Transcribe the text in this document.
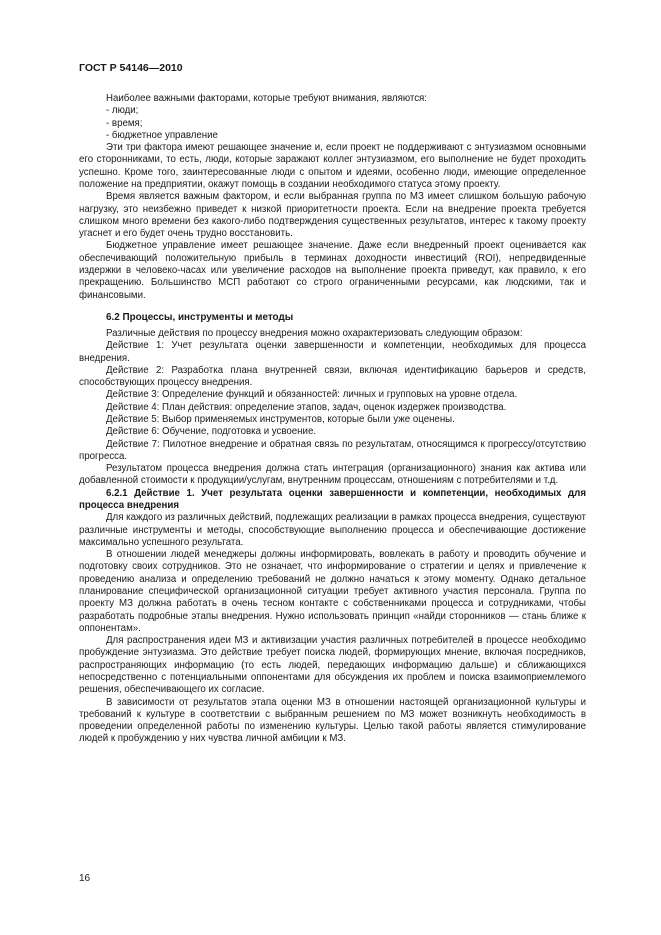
ГОСТ Р 54146—2010

Наиболее важными факторами, которые требуют внимания, являются:

- люди;

- время;

- бюджетное управление

Эти три фактора имеют решающее значение и, если проект не поддерживают с энтузиазмом основными его сторонниками, то есть, люди, которые заражают коллег энтузиазмом, его выполнение не будет проходить успешно. Кроме того, заинтересованные люди с опытом и идеями, особенно люди, имеющие определенное положение на предприятии, окажут помощь в создании необходимого статуса этому проекту.

Время является важным фактором, и если выбранная группа по МЗ имеет слишком большую рабочую нагрузку, это неизбежно приведет к низкой приоритетности проекта. Если на внедрение проекта требуется слишком много времени без какого-либо подтверждения существенных результатов, интерес к такому проекту угаснет и его будет очень трудно восстановить.

Бюджетное управление имеет решающее значение. Даже если внедренный проект оценивается как обеспечивающий положительную прибыль в терминах доходности инвестиций (ROI), непредвиденные издержки в человеко-часах или увеличение расходов на выполнение проекта приведут, как правило, к его прекращению. Большинство МСП работают со строго ограниченными ресурсами, как людскими, так и финансовыми.

6.2 Процессы, инструменты и методы

Различные действия по процессу внедрения можно охарактеризовать следующим образом:

Действие 1: Учет результата оценки завершенности и компетенции, необходимых для процесса внедрения.

Действие 2: Разработка плана внутренней связи, включая идентификацию барьеров и средств, способствующих процессу внедрения.

Действие 3: Определение функций и обязанностей: личных и групповых на уровне отдела.

Действие 4: План действия: определение этапов, задач, оценок издержек производства.

Действие 5: Выбор применяемых инструментов, которые были уже оценены.

Действие 6: Обучение, подготовка и усвоение.

Действие 7: Пилотное внедрение и обратная связь по результатам, относящимся к прогрессу/отсутствию прогресса.

Результатом процесса внедрения должна стать интеграция (организационного) знания как актива или добавленной стоимости к продукции/услугам, внутренним процессам, отношениям с потребителями и т.д.

6.2.1 Действие 1. Учет результата оценки завершенности и компетенции, необходимых для процесса внедрения

Для каждого из различных действий, подлежащих реализации в рамках процесса внедрения, существуют различные инструменты и методы, способствующие выполнению процесса и обеспечивающие достижение максимально успешного результата.

В отношении людей менеджеры должны информировать, вовлекать в работу и проводить обучение и подготовку своих сотрудников. Это не означает, что информирование о стратегии и целях и привлечение к проведению анализа и определению требований не должно начаться к этому моменту. Однако детальное планирование специфической организационной ситуации требует активного участия персонала. Группа по проекту МЗ должна работать в очень тесном контакте с собственниками процесса и сотрудниками, чтобы разработать подробные этапы внедрения. Нужно использовать принцип «найди сторонников — стань ближе к оппонентам».

Для распространения идеи МЗ и активизации участия различных потребителей в процессе необходимо пробуждение энтузиазма. Это действие требует поиска людей, формирующих мнение, включая посредников, распространяющих информацию (то есть людей, передающих информацию дальше) и сближающихся непосредственно с потенциальными оппонентами для обсуждения их проблем и поиска взаимоприемлемого решения, обеспечивающего их согласие.

В зависимости от результатов этапа оценки МЗ в отношении настоящей организационной культуры и требований к культуре в соответствии с выбранным решением по МЗ может возникнуть необходимость в проведении определенной работы по изменению культуры. Целью такой работы является стимулирование людей к пробуждению у них чувства личной амбиции к МЗ.

16
